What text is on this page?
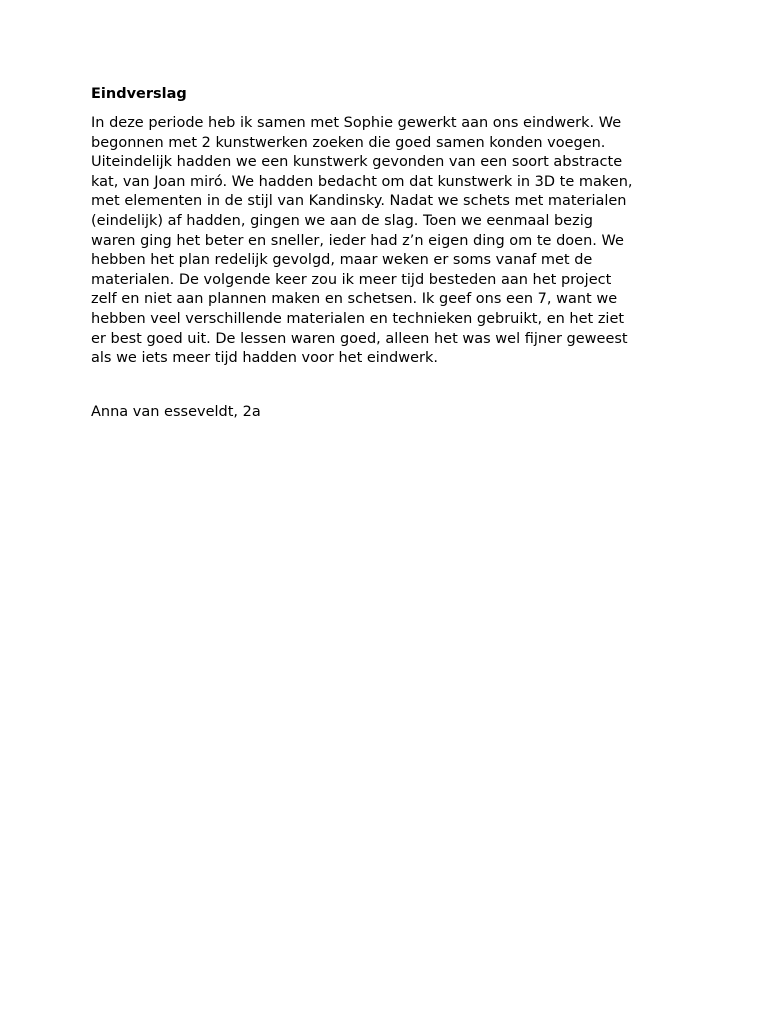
Eindverslag
In deze periode heb ik samen met Sophie gewerkt aan ons eindwerk. We
begonnen met 2 kunstwerken zoeken die goed samen konden voegen.
Uiteindelijk hadden we een kunstwerk gevonden van een soort abstracte
kat, van Joan miró. We hadden bedacht om dat kunstwerk in 3D te maken,
met elementen in de stijl van Kandinsky. Nadat we schets met materialen
(eindelijk) af hadden, gingen we aan de slag. Toen we eenmaal bezig
waren ging het beter en sneller, ieder had z’n eigen ding om te doen. We
hebben het plan redelijk gevolgd, maar weken er soms vanaf met de
materialen. De volgende keer zou ik meer tijd besteden aan het project
zelf en niet aan plannen maken en schetsen. Ik geef ons een 7, want we
hebben veel verschillende materialen en technieken gebruikt, en het ziet
er best goed uit. De lessen waren goed, alleen het was wel fijner geweest
als we iets meer tijd hadden voor het eindwerk.
Anna van esseveldt, 2a
